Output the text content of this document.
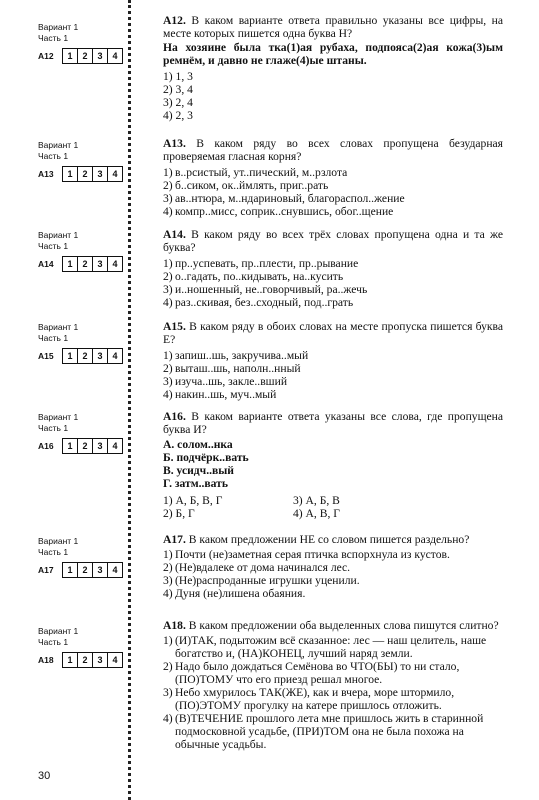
Вариант 1
Часть 1
А12	1	2	3	4
А12. В каком варианте ответа правильно указаны все цифры, на месте которых пишется одна буква Н?
На хозяине была тка(1)ая рубаха, подпояса(2)ая кожа(3)ым ремнём, и давно не глаже(4)ые штаны.
1) 1, 3
2) 3, 4
3) 2, 4
4) 2, 3
Вариант 1
Часть 1
А13	1	2	3	4
А13. В каком ряду во всех словах пропущена безударная проверяемая гласная корня?
1) в..рсистый, ут..пический, м..рзлота
2) б..сиком, ок..ймлять, приг..рать
3) ав..нтюра, м..ндариновый, благораспол..жение
4) компр..мисс, соприк..снувшись, обог..щение
Вариант 1
Часть 1
А14	1	2	3	4
А14. В каком ряду во всех трёх словах пропущена одна и та же буква?
1) пр..успевать, пр..плести, пр..рывание
2) о..гадать, по..кидывать, на..кусить
3) и..ношенный, не..говорчивый, ра..жечь
4) раз..скивая, без..сходный, под..грать
Вариант 1
Часть 1
А15	1	2	3	4
А15. В каком ряду в обоих словах на месте пропуска пишется буква Е?
1) запиш..шь, закручива..мый
2) выташ..шь, наполн..нный
3) изуча..шь, закле..вший
4) накин..шь, муч..мый
Вариант 1
Часть 1
А16	1	2	3	4
А16. В каком варианте ответа указаны все слова, где пропущена буква И?
А. солом..нка
Б. подчёрк..вать
В. усидч..вый
Г. затм..вать
1) А, Б, В, Г	3) А, Б, В
2) Б, Г	4) А, В, Г
Вариант 1
Часть 1
А17	1	2	3	4
А17. В каком предложении НЕ со словом пишется раздельно?
1) Почти (не)заметная серая птичка вспорхнула из кустов.
2) (Не)вдалеке от дома начинался лес.
3) (Не)распроданные игрушки уценили.
4) Дуня (не)лишена обаяния.
Вариант 1
Часть 1
А18	1	2	3	4
А18. В каком предложении оба выделенных слова пишутся слитно?
1) (И)ТАК, подытожим всё сказанное: лес — наш целитель, наше богатство и, (НА)КОНЕЦ, лучший наряд земли.
2) Надо было дождаться Семёнова во ЧТО(БЫ) то ни стало, (ПО)ТОМУ что его приезд решал многое.
3) Небо хмурилось ТАК(ЖЕ), как и вчера, море штормило, (ПО)ЭТОМУ прогулку на катере пришлось отложить.
4) (В)ТЕЧЕНИЕ прошлого лета мне пришлось жить в старинной подмосковной усадьбе, (ПРИ)ТОМ она не была похожа на обычные усадьбы.
30
